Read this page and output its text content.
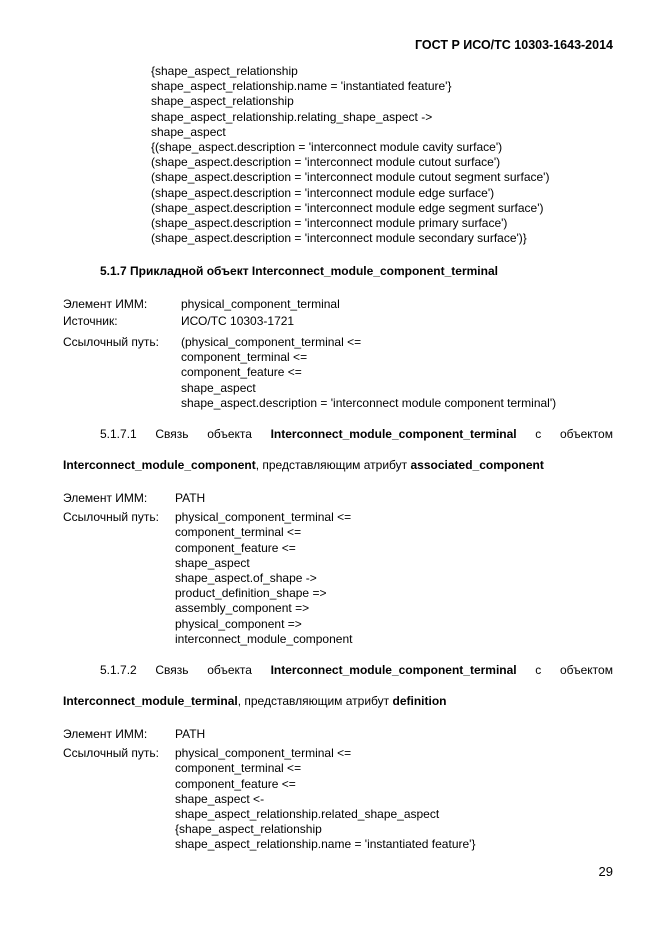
ГОСТ Р ИСО/ТС 10303-1643-2014
{shape_aspect_relationship
shape_aspect_relationship.name = 'instantiated feature'}
shape_aspect_relationship
shape_aspect_relationship.relating_shape_aspect ->
shape_aspect
{(shape_aspect.description = 'interconnect module cavity surface')
(shape_aspect.description = 'interconnect module cutout surface')
(shape_aspect.description = 'interconnect module cutout segment surface')
(shape_aspect.description = 'interconnect module edge surface')
(shape_aspect.description = 'interconnect module edge segment surface')
(shape_aspect.description = 'interconnect module primary surface')
(shape_aspect.description = 'interconnect module secondary surface')}
5.1.7 Прикладной объект Interconnect_module_component_terminal
Элемент ИММ:	physical_component_terminal
Источник:	ИСО/ТС 10303-1721
Ссылочный путь:	(physical_component_terminal <=
component_terminal <=
component_feature <=
shape_aspect
shape_aspect.description = 'interconnect module component terminal')
5.1.7.1 Связь объекта Interconnect_module_component_terminal с объектом
Interconnect_module_component, представляющим атрибут associated_component
Элемент ИММ:	PATH
Ссылочный путь:	physical_component_terminal <=
component_terminal <=
component_feature <=
shape_aspect
shape_aspect.of_shape ->
product_definition_shape =>
assembly_component =>
physical_component =>
interconnect_module_component
5.1.7.2 Связь объекта Interconnect_module_component_terminal с объектом
Interconnect_module_terminal, представляющим атрибут definition
Элемент ИММ:	PATH
Ссылочный путь:	physical_component_terminal <=
component_terminal <=
component_feature <=
shape_aspect <-
shape_aspect_relationship.related_shape_aspect
{shape_aspect_relationship
shape_aspect_relationship.name = 'instantiated feature'}
29
